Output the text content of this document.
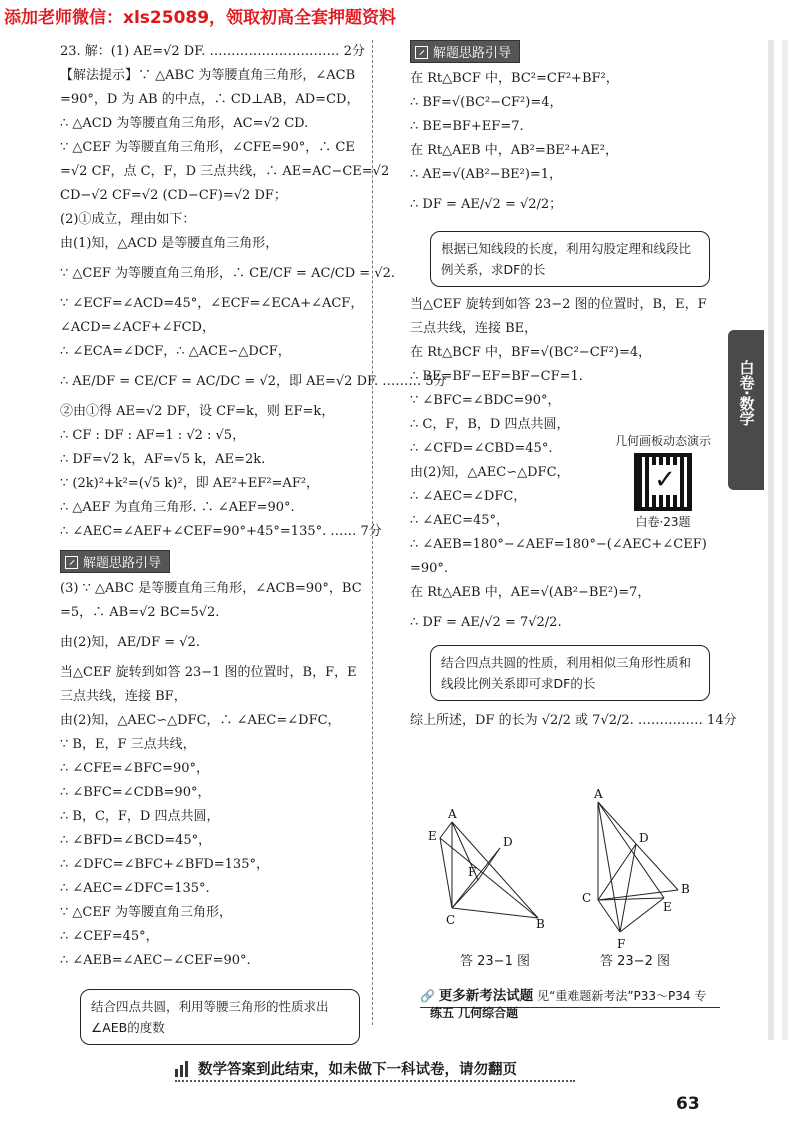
添加老师微信：xls25089，领取初高全套押题资料
23. 解：(1) AE=√2 DF. ………………………… 2分
【解法提示】∵ △ABC 为等腰直角三角形，∠ACB
=90°，D 为 AB 的中点，∴ CD⊥AB，AD=CD，
∴ △ACD 为等腰直角三角形，AC=√2 CD.
∵ △CEF 为等腰直角三角形，∠CFE=90°，∴ CE
=√2 CF，点 C，F，D 三点共线，∴ AE=AC−CE=√2
CD−√2 CF=√2 (CD−CF)=√2 DF；
(2)①成立，理由如下：
由(1)知，△ACD 是等腰直角三角形，
∵ △CEF 为等腰直角三角形，∴ CE/CF = AC/CD = √2.
∵ ∠ECF=∠ACD=45°，∠ECF=∠ECA+∠ACF，
∠ACD=∠ACF+∠FCD，
∴ ∠ECA=∠DCF，∴ △ACE∽△DCF，
∴ AE/DF = CE/CF = AC/DC = √2，即 AE=√2 DF. ……… 5分
②由①得 AE=√2 DF，设 CF=k，则 EF=k，
∴ CF : DF : AF=1 : √2 : √5，
∴ DF=√2 k，AF=√5 k，AE=2k.
∵ (2k)²+k²=(√5 k)²，即 AE²+EF²=AF²，
∴ △AEF 为直角三角形. ∴ ∠AEF=90°.
∴ ∠AEC=∠AEF+∠CEF=90°+45°=135°. …… 7分
解题思路引导
(3) ∵ △ABC 是等腰直角三角形，∠ACB=90°，BC
=5，∴ AB=√2 BC=5√2.
由(2)知，AE/DF = √2.
当△CEF 旋转到如答 23−1 图的位置时，B，F，E
三点共线，连接 BF，
由(2)知，△AEC∽△DFC，∴ ∠AEC=∠DFC，
∵ B，E，F 三点共线，
∴ ∠CFE=∠BFC=90°，
∴ ∠BFC=∠CDB=90°，
∴ B，C，F，D 四点共圆，
∴ ∠BFD=∠BCD=45°，
∴ ∠DFC=∠BFC+∠BFD=135°，
∴ ∠AEC=∠DFC=135°.
∵ △CEF 为等腰直角三角形，
∴ ∠CEF=45°，
∴ ∠AEB=∠AEC−∠CEF=90°.
结合四点共圆，利用等腰三角形的性质求出∠AEB的度数
解题思路引导
在 Rt△BCF 中，BC²=CF²+BF²，
∴ BF=√(BC²−CF²)=4，
∴ BE=BF+EF=7.
在 Rt△AEB 中，AB²=BE²+AE²，
∴ AE=√(AB²−BE²)=1，
∴ DF = AE/√2 = √2/2；
根据已知线段的长度，利用勾股定理和线段比例关系，求DF的长
当△CEF 旋转到如答 23−2 图的位置时，B，E，F
三点共线，连接 BE，
在 Rt△BCF 中，BF=√(BC²−CF²)=4，
∴ BE=BF−EF=BF−CF=1.
∵ ∠BFC=∠BDC=90°，
∴ C，F，B，D 四点共圆，
∴ ∠CFD=∠CBD=45°.
由(2)知，△AEC∽△DFC，
∴ ∠AEC=∠DFC，
∴ ∠AEC=45°，
∴ ∠AEB=180°−∠AEF=180°−(∠AEC+∠CEF)
=90°.
在 Rt△AEB 中，AE=√(AB²−BE²)=7，
∴ DF = AE/√2 = 7√2/2.
结合四点共圆的性质，利用相似三角形性质和线段比例关系即可求DF的长
综上所述，DF 的长为 √2/2 或 7√2/2. …………… 14分
几何画板动态演示
✓
白卷·23题
白卷·数学
A
E	D
F
C	B
A
D
C
B
E
F
答 23−1 图	答 23−2 图
🔗 更多新考法试题 见“重难题新考法”P33～P34 专
练五 几何综合题
数学答案到此结束，如未做下一科试卷，请勿翻页
63
